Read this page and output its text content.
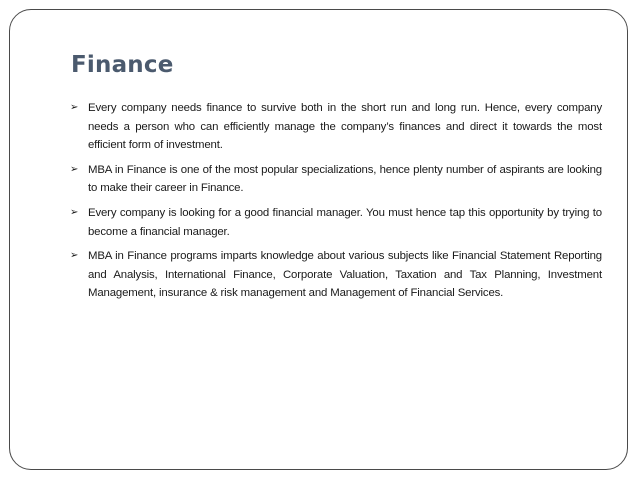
Finance
➢ Every company needs finance to survive both in the short run and long run. Hence, every company needs a person who can efficiently manage the company’s finances and direct it towards the most efficient form of investment.
➢ MBA in Finance is one of the most popular specializations, hence plenty number of aspirants are looking to make their career in Finance.
➢ Every company is looking for a good financial manager. You must hence tap this opportunity by trying to become a financial manager.
➢ MBA in Finance programs imparts knowledge about various subjects like Financial Statement Reporting and Analysis, International Finance, Corporate Valuation, Taxation and Tax Planning, Investment Management, insurance & risk management and Management of Financial Services.
